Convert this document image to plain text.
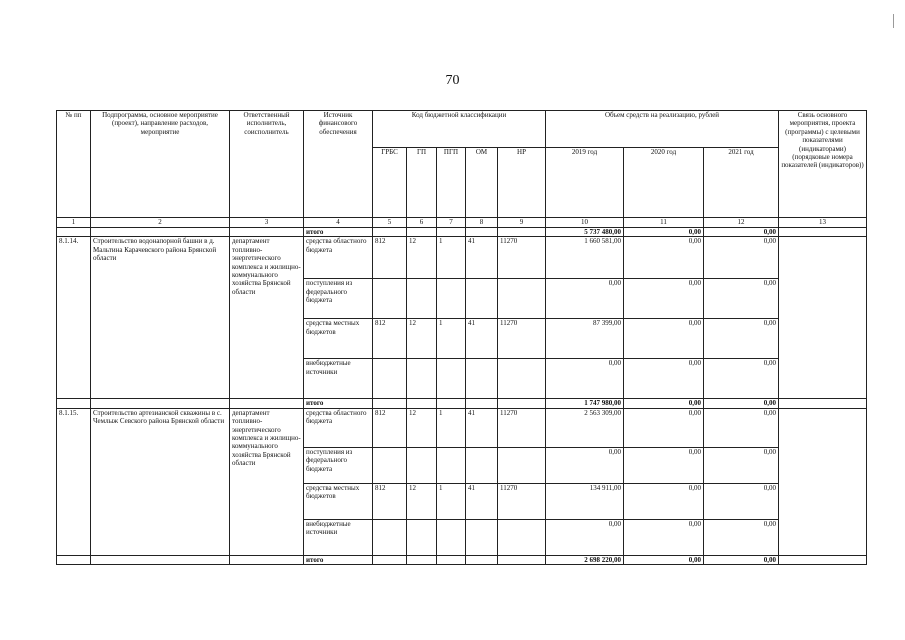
70
№ пп	Подпрограмма, основное мероприятие (проект), направление расходов, мероприятие	Ответственный исполнитель, соисполнитель	Источник финансового обеспечения	Код бюджетной классификации					Объем средств на реализацию, рублей			Связь основного мероприятия, проекта (программы) с целевыми показателями (индикаторами) (порядковые номера показателей (индикаторов))
				ГРБС	ГП	ПГП	ОМ	НР	2019 год	2020 год	2021 год	
1	2	3	4	5	6	7	8	9	10	11	12	13
			итого						5 737 480,00	0,00	0,00	
8.1.14.	Строительство водонапорной башни в д. Мальтина Карачевского района Брянской области	департамент топливно-энергетического комплекса и жилищно-коммунального хозяйства Брянской области	средства областного бюджета	812	12	1	41	11270	1 660 581,00	0,00	0,00	
			поступления из федерального бюджета						0,00	0,00	0,00	
			средства местных бюджетов	812	12	1	41	11270	87 399,00	0,00	0,00	
			внебюджетные источники						0,00	0,00	0,00	
			итого						1 747 980,00	0,00	0,00	
8.1.15.	Строительство артезианской скважины в с. Чемлыж Севского района Брянской области	департамент топливно-энергетического комплекса и жилищно-коммунального хозяйства Брянской области	средства областного бюджета	812	12	1	41	11270	2 563 309,00	0,00	0,00	
			поступления из федерального бюджета						0,00	0,00	0,00	
			средства местных бюджетов	812	12	1	41	11270	134 911,00	0,00	0,00	
			внебюджетные источники						0,00	0,00	0,00	
			итого						2 698 220,00	0,00	0,00	
